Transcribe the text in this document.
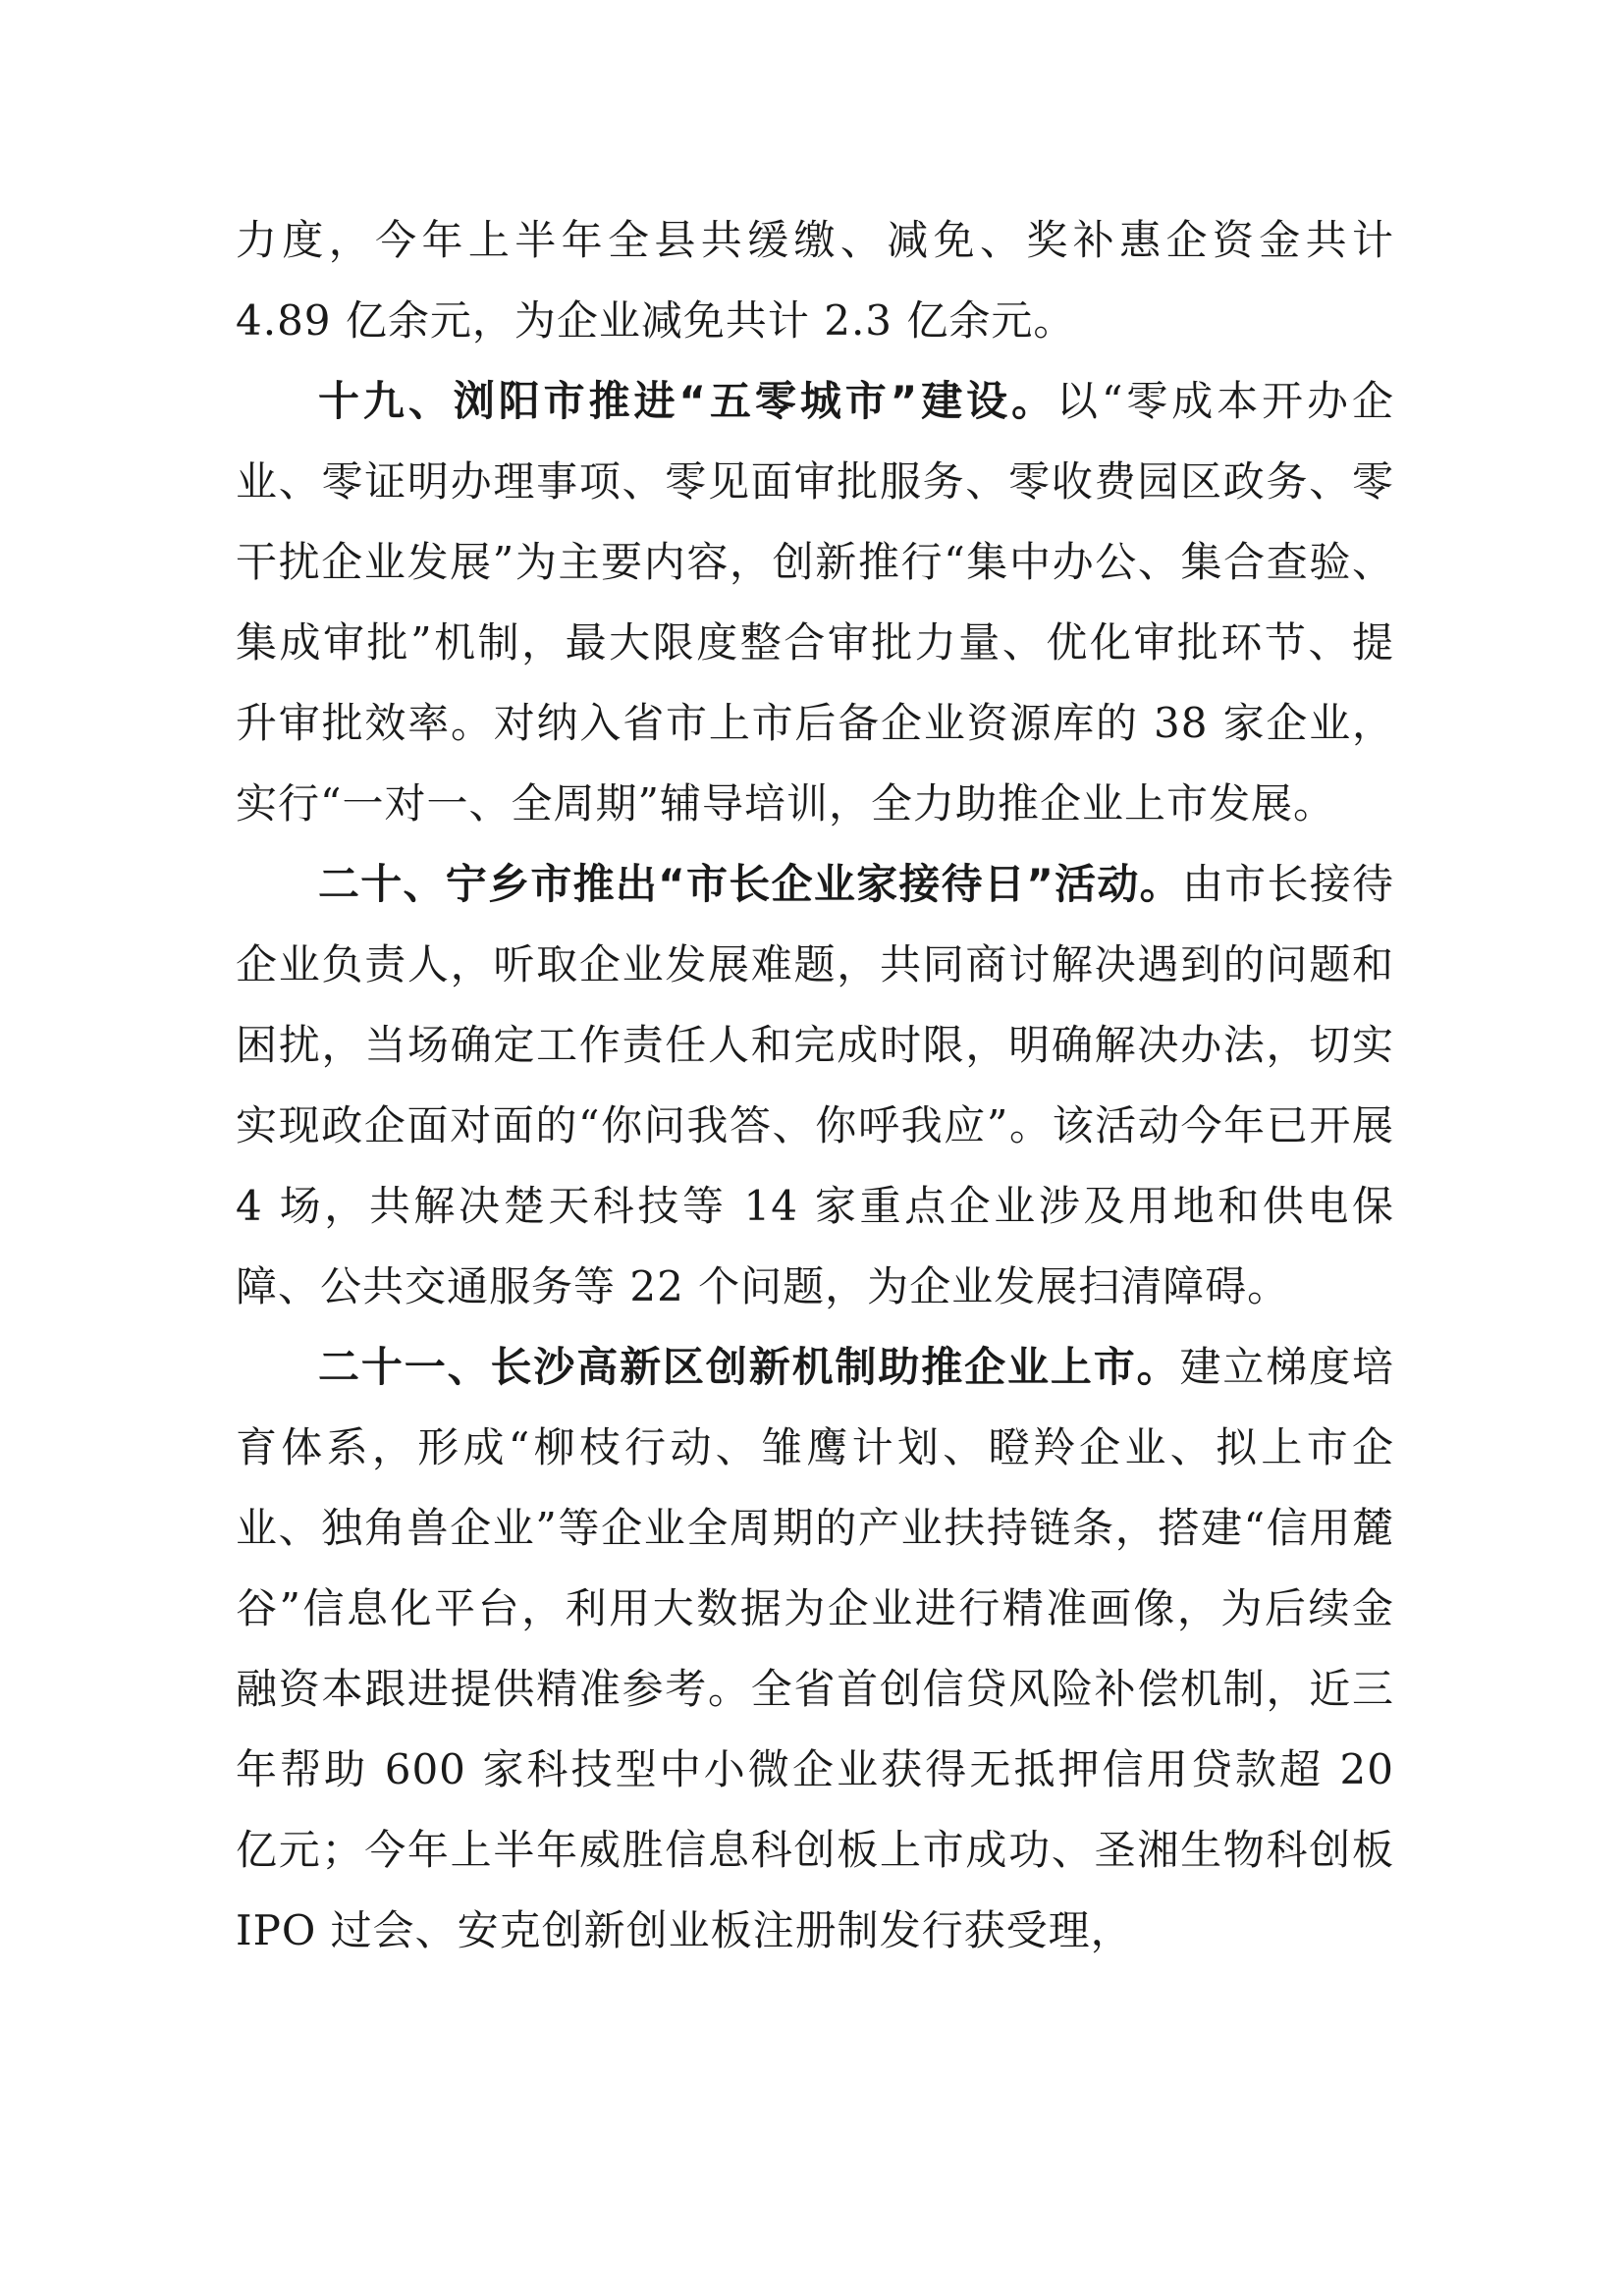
力度，今年上半年全县共缓缴、减免、奖补惠企资金共计 4.89 亿余元，为企业减免共计 2.3 亿余元。

十九、浏阳市推进“五零城市”建设。以“零成本开办企业、零证明办理事项、零见面审批服务、零收费园区政务、零干扰企业发展”为主要内容，创新推行“集中办公、集合查验、集成审批”机制，最大限度整合审批力量、优化审批环节、提升审批效率。对纳入省市上市后备企业资源库的 38 家企业，实行“一对一、全周期”辅导培训，全力助推企业上市发展。

二十、宁乡市推出“市长企业家接待日”活动。由市长接待企业负责人，听取企业发展难题，共同商讨解决遇到的问题和困扰，当场确定工作责任人和完成时限，明确解决办法，切实实现政企面对面的“你问我答、你呼我应”。该活动今年已开展 4 场，共解决楚天科技等 14 家重点企业涉及用地和供电保障、公共交通服务等 22 个问题，为企业发展扫清障碍。

二十一、长沙高新区创新机制助推企业上市。建立梯度培育体系，形成“柳枝行动、雏鹰计划、瞪羚企业、拟上市企业、独角兽企业”等企业全周期的产业扶持链条，搭建“信用麓谷”信息化平台，利用大数据为企业进行精准画像，为后续金融资本跟进提供精准参考。全省首创信贷风险补偿机制，近三年帮助 600 家科技型中小微企业获得无抵押信用贷款超 20 亿元；今年上半年威胜信息科创板上市成功、圣湘生物科创板 IPO 过会、安克创新创业板注册制发行获受理，
